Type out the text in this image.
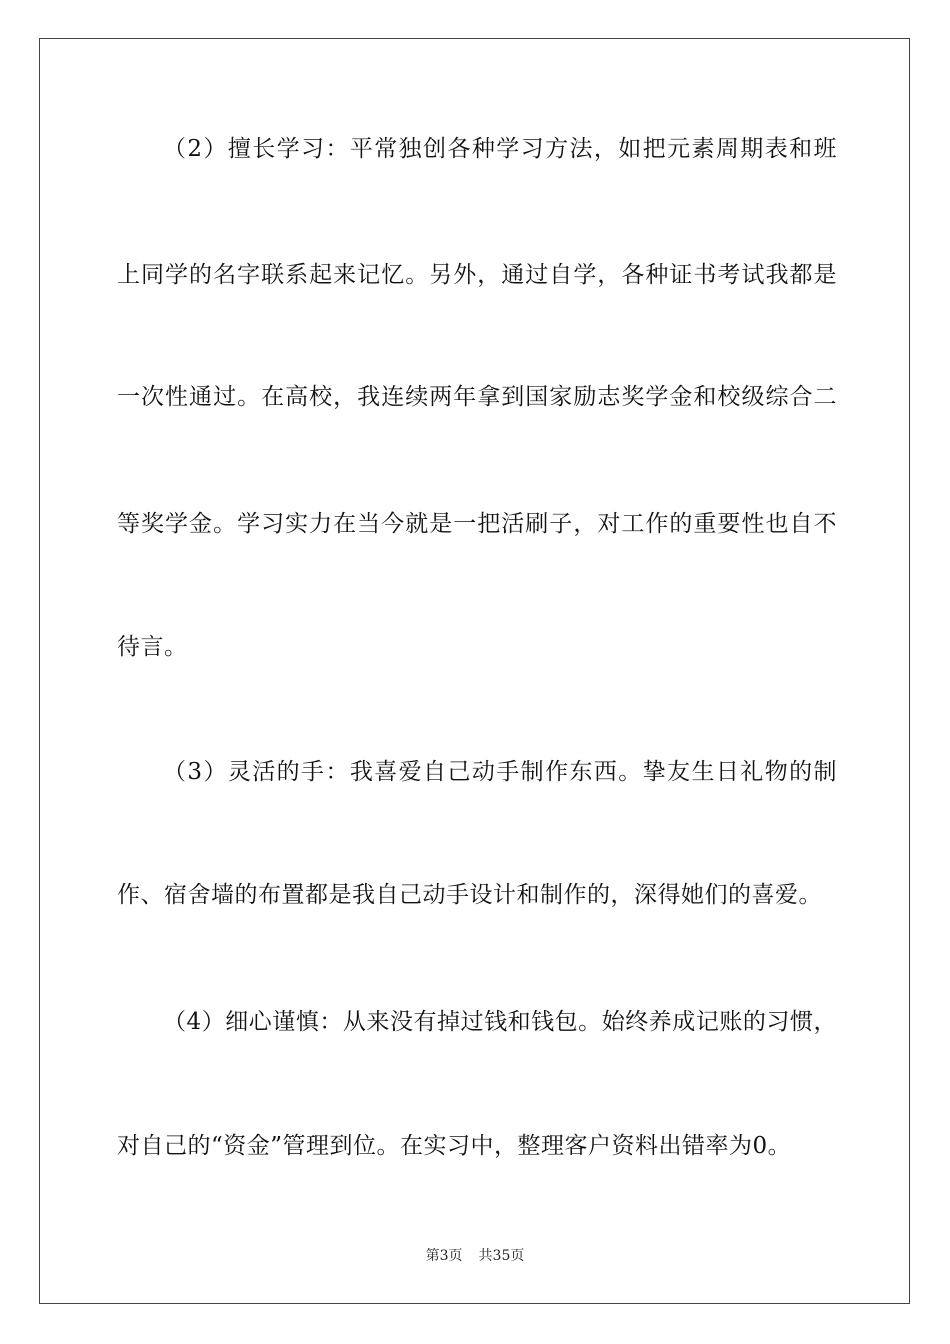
（2）擅长学习：平常独创各种学习方法，如把元素周期表和班
上同学的名字联系起来记忆。另外，通过自学，各种证书考试我都是
一次性通过。在高校，我连续两年拿到国家励志奖学金和校级综合二
等奖学金。学习实力在当今就是一把活刷子，对工作的重要性也自不
待言。
（3）灵活的手：我喜爱自己动手制作东西。挚友生日礼物的制
作、宿舍墙的布置都是我自己动手设计和制作的，深得她们的喜爱。
（4）细心谨慎：从来没有掉过钱和钱包。始终养成记账的习惯，
对自己的“资金”管理到位。在实习中，整理客户资料出错率为0。
第3页 共35页
